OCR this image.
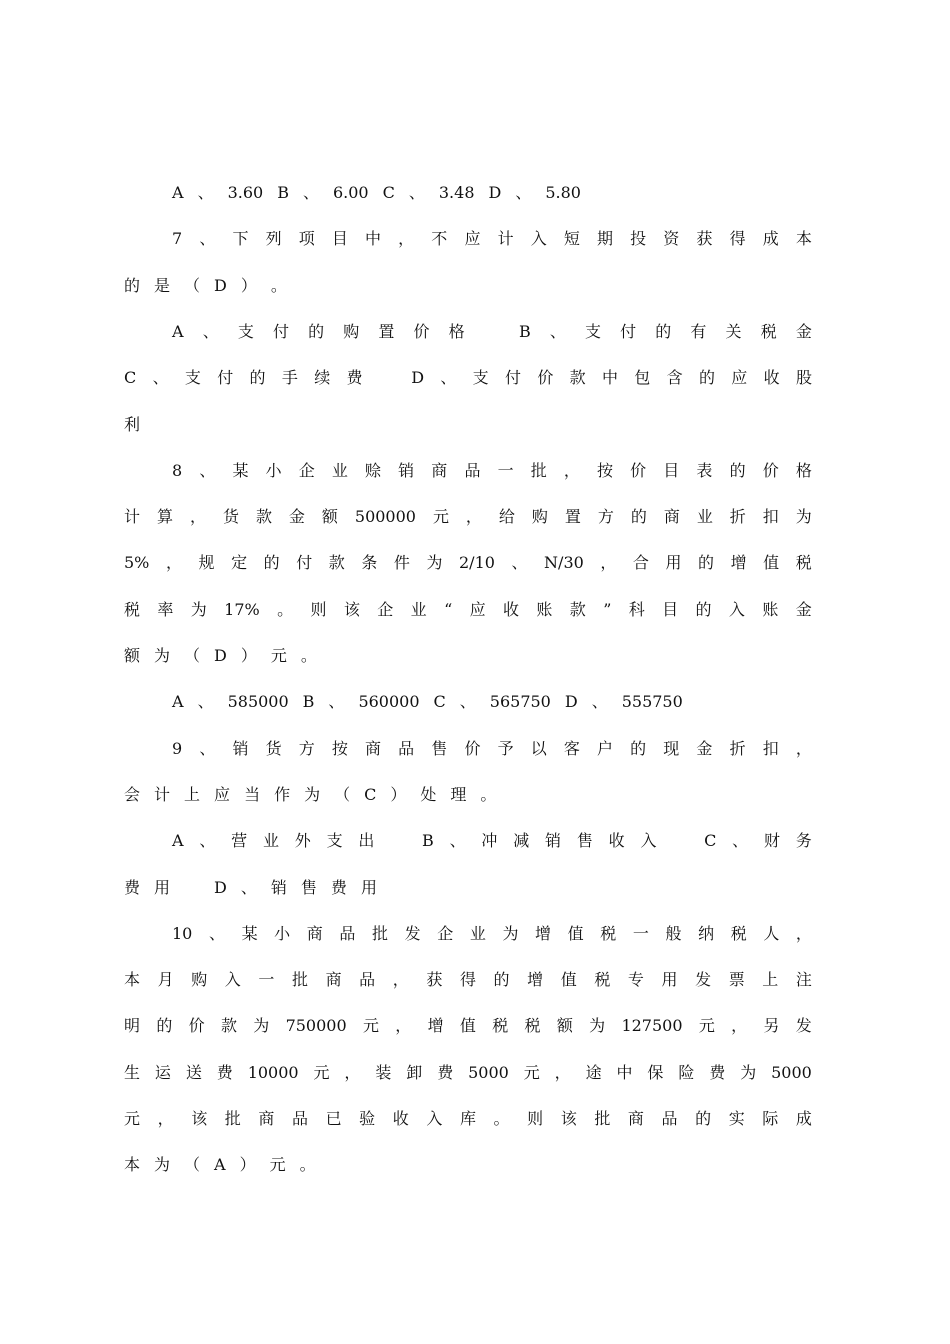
A 、 3.60 B 、 6.00 C 、 3.48 D 、 5.80
7 、 下 列 项 目 中 ， 不 应 计 入 短 期 投 资 获 得 成 本
的 是 （ D ） 。
A 、 支 付 的 购 置 价 格
　	B 、 支 付 的 有 关 税 金
C 、 支 付 的 手 续 费
　	D 、 支 付 价 款 中 包 含 的 应 收 股
利
8 、 某 小 企 业 赊 销 商 品 一 批 ， 按 价 目 表 的 价 格
计 算 ， 货 款 金 额 500000 元 ， 给 购 置 方 的 商 业 折 扣 为
5% ， 规 定 的 付 款 条 件 为 2/10 、 N/30 ， 合 用 的 增 值 税
税 率 为 17% 。 则 该 企 业 “ 应 收 账 款 ” 科 目 的 入 账 金
额 为 （ D ） 元 。
A 、 585000 B 、 560000 C 、 565750 D 、 555750
9 、 销 货 方 按 商 品 售 价 予 以 客 户 的 现 金 折 扣 ，
会 计 上 应 当 作 为 （ C ） 处 理 。
A 、 营 业 外 支 出
　	B 、 冲 减 销 售 收 入
　	C 、 财 务
费 用
　	D 、 销 售 费 用
10 、 某 小 商 品 批 发 企 业 为 增 值 税 一 般 纳 税 人 ，
本 月 购 入 一 批 商 品 ， 获 得 的 增 值 税 专 用 发 票 上 注
明 的 价 款 为 750000 元 ， 增 值 税 税 额 为 127500 元 ， 另 发
生 运 送 费 10000 元 ， 装 卸 费 5000 元 ， 途 中 保 险 费 为 5000
元 ， 该 批 商 品 已 验 收 入 库 。 则 该 批 商 品 的 实 际 成
本 为 （ A ） 元 。
